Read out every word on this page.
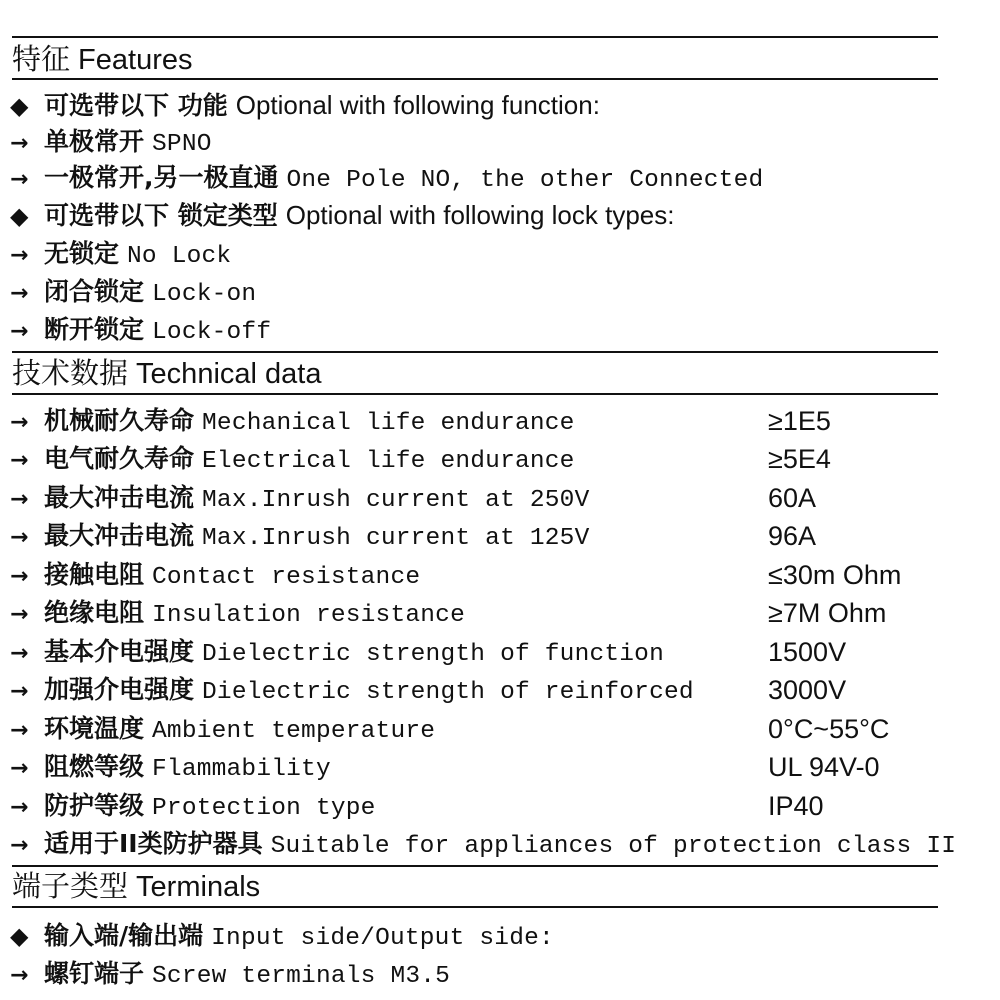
特征 Features
◆ 可选带以下 功能 Optional with following function:
→ 单极常开 SPNO
→ 一极常开,另一极直通 One Pole NO, the other Connected
◆ 可选带以下 锁定类型 Optional with following lock types:
→ 无锁定 No Lock
→ 闭合锁定 Lock-on
→ 断开锁定 Lock-off
技术数据 Technical data
→ 机械耐久寿命 Mechanical life endurance	≥1E5
→ 电气耐久寿命 Electrical life endurance	≥5E4
→ 最大冲击电流 Max.Inrush current at 250V	60A
→ 最大冲击电流 Max.Inrush current at 125V	96A
→ 接触电阻 Contact resistance	≤30m Ohm
→ 绝缘电阻 Insulation resistance	≥7M Ohm
→ 基本介电强度 Dielectric strength of function	1500V
→ 加强介电强度 Dielectric strength of reinforced	3000V
→ 环境温度 Ambient temperature	0°C~55°C
→ 阻燃等级 Flammability	UL 94V-0
→ 防护等级 Protection type	IP40
→ 适用于II类防护器具 Suitable for appliances of protection class II
端子类型 Terminals
◆ 输入端/输出端 Input side/Output side:
→ 螺钉端子 Screw terminals M3.5
